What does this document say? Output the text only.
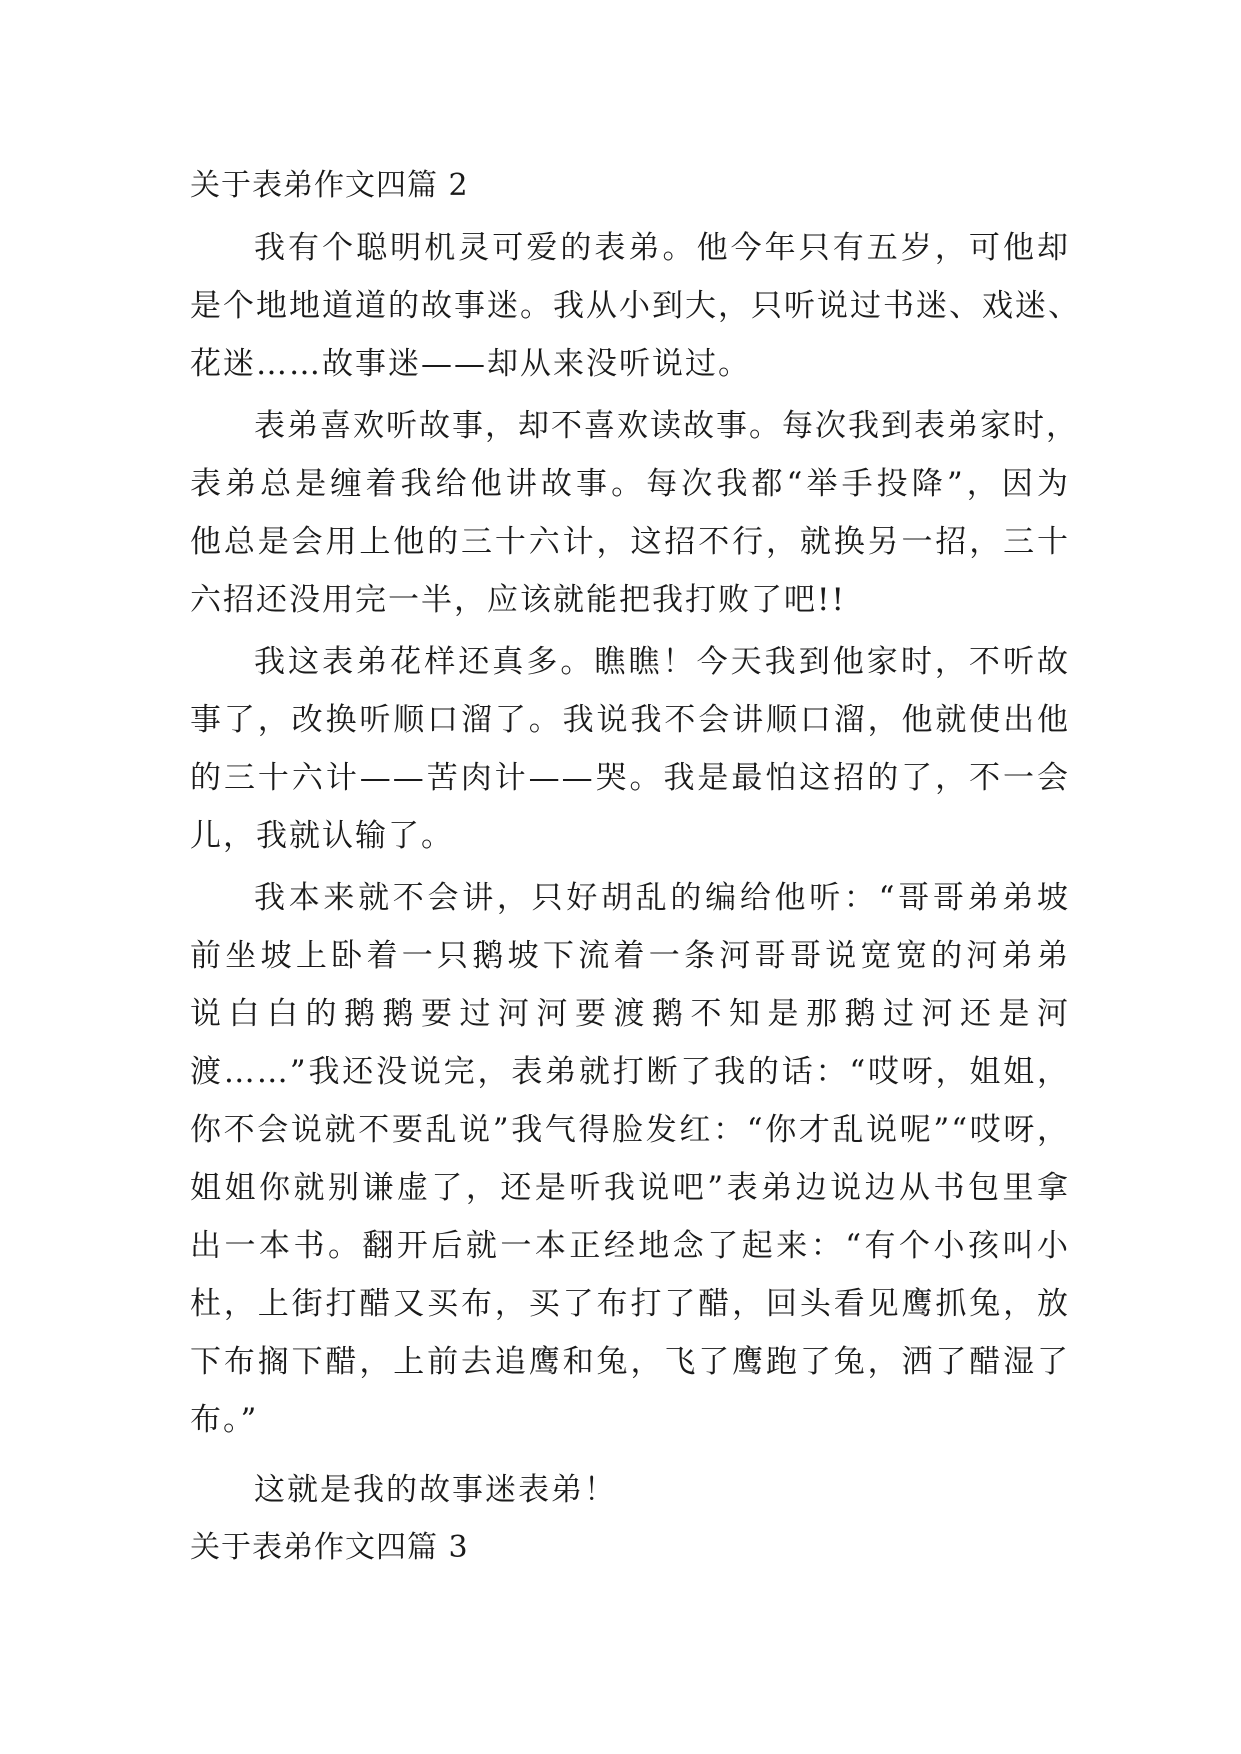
关于表弟作文四篇 2
我有个聪明机灵可爱的表弟。他今年只有五岁，可他却
是个地地道道的故事迷。我从小到大，只听说过书迷、戏迷、
花迷……故事迷——却从来没听说过。
表弟喜欢听故事，却不喜欢读故事。每次我到表弟家时，
表弟总是缠着我给他讲故事。每次我都“举手投降”，因为
他总是会用上他的三十六计，这招不行，就换另一招，三十
六招还没用完一半，应该就能把我打败了吧!!
我这表弟花样还真多。瞧瞧！今天我到他家时，不听故
事了，改换听顺口溜了。我说我不会讲顺口溜，他就使出他
的三十六计——苦肉计——哭。我是最怕这招的了，不一会
儿，我就认输了。
我本来就不会讲，只好胡乱的编给他听：“哥哥弟弟坡
前坐坡上卧着一只鹅坡下流着一条河哥哥说宽宽的河弟弟
说白白的鹅鹅要过河河要渡鹅不知是那鹅过河还是河
渡……”我还没说完，表弟就打断了我的话：“哎呀，姐姐，
你不会说就不要乱说”我气得脸发红：“你才乱说呢”“哎呀，
姐姐你就别谦虚了，还是听我说吧”表弟边说边从书包里拿
出一本书。翻开后就一本正经地念了起来：“有个小孩叫小
杜，上街打醋又买布，买了布打了醋，回头看见鹰抓兔，放
下布搁下醋，上前去追鹰和兔，飞了鹰跑了兔，洒了醋湿了
布。”
这就是我的故事迷表弟！
关于表弟作文四篇 3
